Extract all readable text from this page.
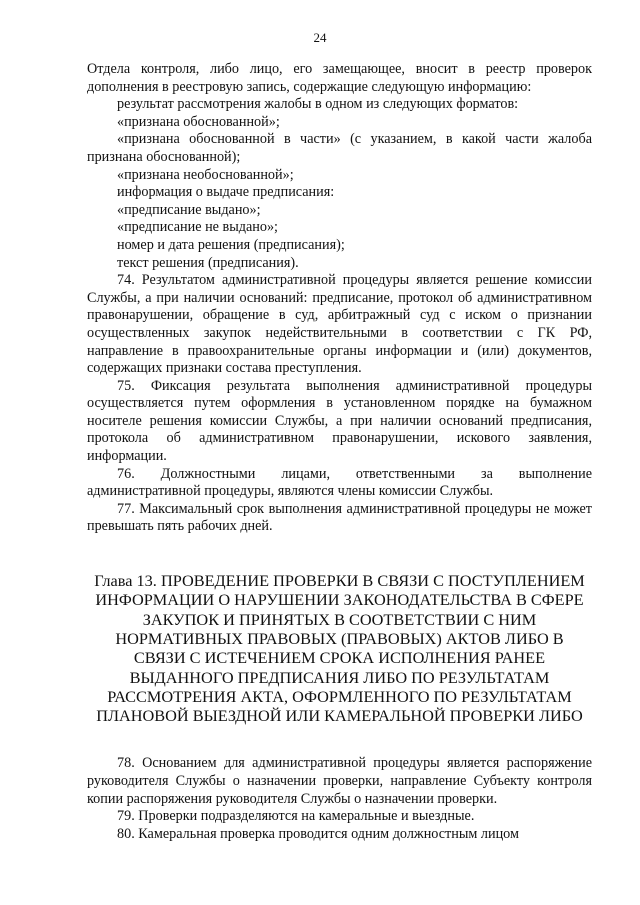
24

Отдела контроля, либо лицо, его замещающее, вносит в реестр проверок дополнения в реестровую запись, содержащие следующую информацию:

результат рассмотрения жалобы в одном из следующих форматов:

«признана обоснованной»;

«признана обоснованной в части» (с указанием, в какой части жалоба признана обоснованной);

«признана необоснованной»;

информация о выдаче предписания:

«предписание выдано»;

«предписание не выдано»;

номер и дата решения (предписания);

текст решения (предписания).

74. Результатом административной процедуры является решение комиссии Службы, а при наличии оснований: предписание, протокол об административном правонарушении, обращение в суд, арбитражный суд с иском о признании осуществленных закупок недействительными в соответствии с ГК РФ, направление в правоохранительные органы информации и (или) документов, содержащих признаки состава преступления.

75. Фиксация результата выполнения административной процедуры осуществляется путем оформления в установленном порядке на бумажном носителе решения комиссии Службы, а при наличии оснований предписания, протокола об административном правонарушении, искового заявления, информации.

76. Должностными лицами, ответственными за выполнение административной процедуры, являются члены комиссии Службы.

77. Максимальный срок выполнения административной процедуры не может превышать пять рабочих дней.

Глава 13. ПРОВЕДЕНИЕ ПРОВЕРКИ В СВЯЗИ С ПОСТУПЛЕНИЕМ ИНФОРМАЦИИ О НАРУШЕНИИ ЗАКОНОДАТЕЛЬСТВА В СФЕРЕ ЗАКУПОК И ПРИНЯТЫХ В СООТВЕТСТВИИ С НИМ НОРМАТИВНЫХ ПРАВОВЫХ (ПРАВОВЫХ) АКТОВ ЛИБО В СВЯЗИ С ИСТЕЧЕНИЕМ СРОКА ИСПОЛНЕНИЯ РАНЕЕ ВЫДАННОГО ПРЕДПИСАНИЯ ЛИБО ПО РЕЗУЛЬТАТАМ РАССМОТРЕНИЯ АКТА, ОФОРМЛЕННОГО ПО РЕЗУЛЬТАТАМ ПЛАНОВОЙ ВЫЕЗДНОЙ ИЛИ КАМЕРАЛЬНОЙ ПРОВЕРКИ ЛИБО

78. Основанием для административной процедуры является распоряжение руководителя Службы о назначении проверки, направление Субъекту контроля копии распоряжения руководителя Службы о назначении проверки.

79. Проверки подразделяются на камеральные и выездные.

80. Камеральная проверка проводится одним должностным лицом
